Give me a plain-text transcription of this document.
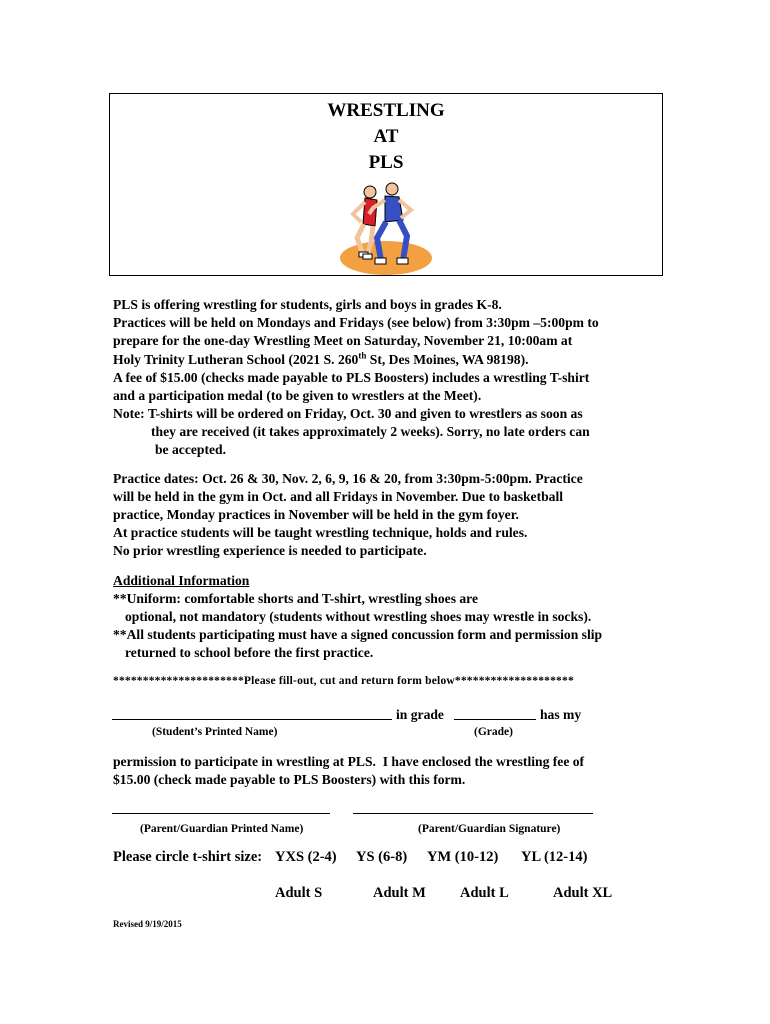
WRESTLING
AT
PLS
PLS is offering wrestling for students, girls and boys in grades K-8.
Practices will be held on Mondays and Fridays (see below) from 3:30pm –5:00pm to
prepare for the one-day Wrestling Meet on Saturday, November 21, 10:00am at
Holy Trinity Lutheran School (2021 S. 260th St, Des Moines, WA 98198).
A fee of $15.00 (checks made payable to PLS Boosters) includes a wrestling T-shirt
and a participation medal (to be given to wrestlers at the Meet).
Note: T-shirts will be ordered on Friday, Oct. 30 and given to wrestlers as soon as
they are received (it takes approximately 2 weeks). Sorry, no late orders can
be accepted.
Practice dates: Oct. 26 & 30, Nov. 2, 6, 9, 16 & 20, from 3:30pm-5:00pm. Practice
will be held in the gym in Oct. and all Fridays in November. Due to basketball
practice, Monday practices in November will be held in the gym foyer.
At practice students will be taught wrestling technique, holds and rules.
No prior wrestling experience is needed to participate.
Additional Information
**Uniform: comfortable shorts and T-shirt, wrestling shoes are
optional, not mandatory (students without wrestling shoes may wrestle in socks).
**All students participating must have a signed concussion form and permission slip
returned to school before the first practice.
**********************Please fill-out, cut and return form below********************
in grade	has my
(Student’s Printed Name)	(Grade)
permission to participate in wrestling at PLS.  I have enclosed the wrestling fee of
$15.00 (check made payable to PLS Boosters) with this form.
(Parent/Guardian Printed Name)	(Parent/Guardian Signature)
Please circle t-shirt size: YXS (2-4) YS (6-8) YM (10-12) YL (12-14)
Adult S	Adult M Adult L	Adult XL
Revised 9/19/2015
